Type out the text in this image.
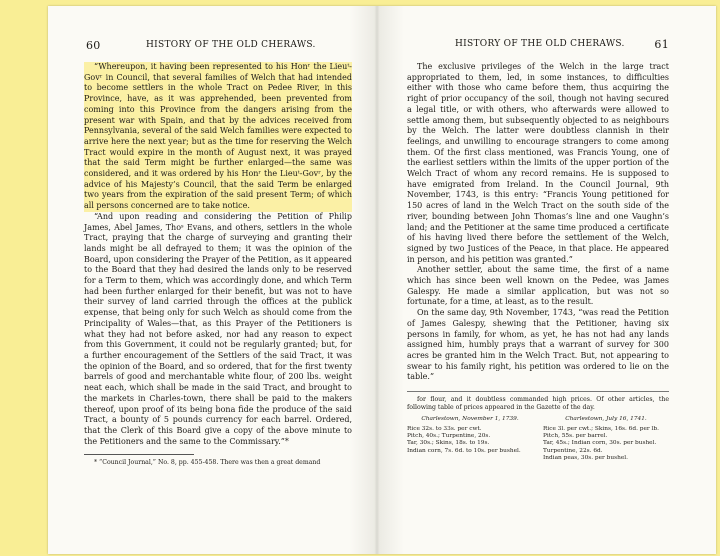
60	HISTORY OF THE OLD CHERAWS.	HISTORY OF THE OLD CHERAWS.	61

“Whereupon, it having been represented to his Honʳ the Lieuᵗ-Govʳ in Council, that several families of Welch that had intended to become settlers in the whole Tract on Pedee River, in this Province, have, as it was apprehended, been prevented from coming into this Province from the dangers arising from the present war with Spain, and that by the advices received from Pennsylvania, several of the said Welch families were expected to arrive here the next year; but as the time for reserving the Welch Tract would expire in the month of August next, it was prayed that the said Term might be further enlarged—the same was considered, and it was ordered by his Honʳ the Lieuᵗ-Govʳ, by the advice of his Majesty’s Council, that the said Term be enlarged two years from the expiration of the said present Term; of which all persons concerned are to take notice.

“And upon reading and considering the Petition of Philip James, Abel James, Thoˢ Evans, and others, settlers in the whole Tract, praying that the charge of surveying and granting their lands might be all defrayed to them; it was the opinion of the Board, upon considering the Prayer of the Petition, as it appeared to the Board that they had desired the lands only to be reserved for a Term to them, which was accordingly done, and which Term had been further enlarged for their benefit, but was not to have their survey of land carried through the offices at the publick expense, that being only for such Welch as should come from the Principality of Wales—that, as this Prayer of the Petitioners is what they had not before asked, nor had any reason to expect from this Government, it could not be regularly granted; but, for a further encouragement of the Settlers of the said Tract, it was the opinion of the Board, and so ordered, that for the first twenty barrels of good and merchantable white flour, of 200 lbs. weight neat each, which shall be made in the said Tract, and brought to the markets in Charles-town, there shall be paid to the makers thereof, upon proof of its being bona fide the produce of the said Tract, a bounty of 5 pounds currency for each barrel. Ordered, that the Clerk of this Board give a copy of the above minute to the Petitioners and the same to the Commissary.”*

* “Council Journal,” No. 8, pp. 455-458. There was then a great demand

The exclusive privileges of the Welch in the large tract appropriated to them, led, in some instances, to difficulties either with those who came before them, thus acquiring the right of prior occupancy of the soil, though not having secured a legal title, or with others, who afterwards were allowed to settle among them, but subsequently objected to as neighbours by the Welch. The latter were doubtless clannish in their feelings, and unwilling to encourage strangers to come among them. Of the first class mentioned, was Francis Young, one of the earliest settlers within the limits of the upper portion of the Welch Tract of whom any record remains. He is supposed to have emigrated from Ireland. In the Council Journal, 9th November, 1743, is this entry: “Francis Young petitioned for 150 acres of land in the Welch Tract on the south side of the river, bounding between John Thomas’s line and one Vaughn’s land; and the Petitioner at the same time produced a certificate of his having lived there before the settlement of the Welch, signed by two Justices of the Peace, in that place. He appeared in person, and his petition was granted.”

Another settler, about the same time, the first of a name which has since been well known on the Pedee, was James Galespy. He made a similar application, but was not so fortunate, for a time, at least, as to the result.

On the same day, 9th November, 1743, “was read the Petition of James Galespy, shewing that the Petitioner, having six persons in family, for whom, as yet, he has not had any lands assigned him, humbly prays that a warrant of survey for 300 acres be granted him in the Welch Tract. But, not appearing to swear to his family right, his petition was ordered to lie on the table.”

for flour, and it doubtless commanded high prices. Of other articles, the following table of prices appeared in the Gazette of the day.

Charlestown, November 1, 1739.
Rice 32s. to 33s. per cwt.
Pitch, 40s.; Turpentine, 20s.
Tar, 30s.; Skins, 18s. to 19s.
Indian corn, 7s. 6d. to 10s. per bushel.
Charlestown, July 16, 1741.
Rice 3l. per cwt.; Skins, 16s. 6d. per lb.
Pitch, 55s. per barrel.
Tar, 45s.; Indian corn, 30s. per bushel.
Turpentine, 22s. 6d.
Indian peas, 30s. per bushel.
